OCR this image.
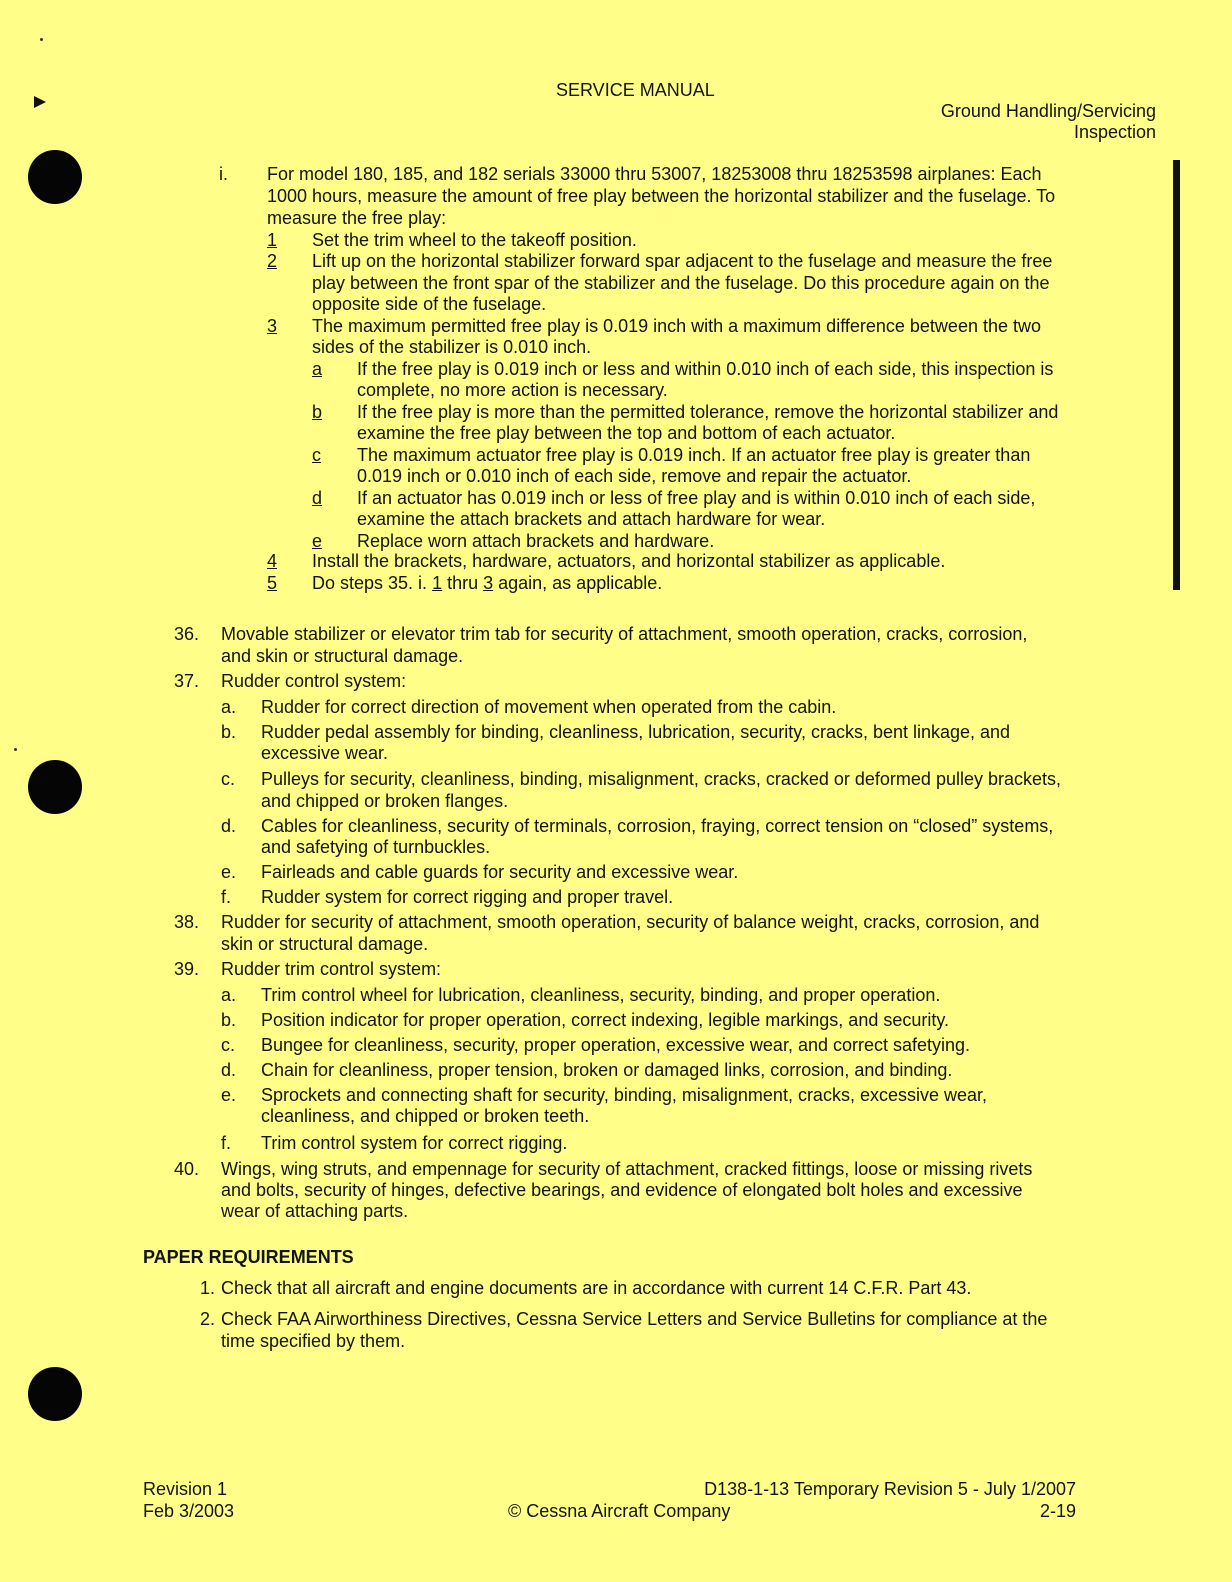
SERVICE MANUAL
Ground Handling/Servicing
Inspection
i. For model 180, 185, and 182 serials 33000 thru 53007, 18253008 thru 18253598 airplanes: Each
1000 hours, measure the amount of free play between the horizontal stabilizer and the fuselage. To
measure the free play:
1 Set the trim wheel to the takeoff position.
2 Lift up on the horizontal stabilizer forward spar adjacent to the fuselage and measure the free
play between the front spar of the stabilizer and the fuselage. Do this procedure again on the
opposite side of the fuselage.
3 The maximum permitted free play is 0.019 inch with a maximum difference between the two
sides of the stabilizer is 0.010 inch.
a If the free play is 0.019 inch or less and within 0.010 inch of each side, this inspection is
complete, no more action is necessary.
b If the free play is more than the permitted tolerance, remove the horizontal stabilizer and
examine the free play between the top and bottom of each actuator.
c The maximum actuator free play is 0.019 inch. If an actuator free play is greater than
0.019 inch or 0.010 inch of each side, remove and repair the actuator.
d If an actuator has 0.019 inch or less of free play and is within 0.010 inch of each side,
examine the attach brackets and attach hardware for wear.
e Replace worn attach brackets and hardware.
4 Install the brackets, hardware, actuators, and horizontal stabilizer as applicable.
5 Do steps 35. i. 1 thru 3 again, as applicable.
36. Movable stabilizer or elevator trim tab for security of attachment, smooth operation, cracks, corrosion,
and skin or structural damage.
37. Rudder control system:
a. Rudder for correct direction of movement when operated from the cabin.
b. Rudder pedal assembly for binding, cleanliness, lubrication, security, cracks, bent linkage, and
excessive wear.
c. Pulleys for security, cleanliness, binding, misalignment, cracks, cracked or deformed pulley brackets,
and chipped or broken flanges.
d. Cables for cleanliness, security of terminals, corrosion, fraying, correct tension on “closed” systems,
and safetying of turnbuckles.
e. Fairleads and cable guards for security and excessive wear.
f. Rudder system for correct rigging and proper travel.
38. Rudder for security of attachment, smooth operation, security of balance weight, cracks, corrosion, and
skin or structural damage.
39. Rudder trim control system:
a. Trim control wheel for lubrication, cleanliness, security, binding, and proper operation.
b. Position indicator for proper operation, correct indexing, legible markings, and security.
c. Bungee for cleanliness, security, proper operation, excessive wear, and correct safetying.
d. Chain for cleanliness, proper tension, broken or damaged links, corrosion, and binding.
e. Sprockets and connecting shaft for security, binding, misalignment, cracks, excessive wear,
cleanliness, and chipped or broken teeth.
f. Trim control system for correct rigging.
40. Wings, wing struts, and empennage for security of attachment, cracked fittings, loose or missing rivets
and bolts, security of hinges, defective bearings, and evidence of elongated bolt holes and excessive
wear of attaching parts.
PAPER REQUIREMENTS
1. Check that all aircraft and engine documents are in accordance with current 14 C.F.R. Part 43.
2. Check FAA Airworthiness Directives, Cessna Service Letters and Service Bulletins for compliance at the
time specified by them.
Revision 1
Feb 3/2003
D138-1-13 Temporary Revision 5 - July 1/2007
© Cessna Aircraft Company	2-19
